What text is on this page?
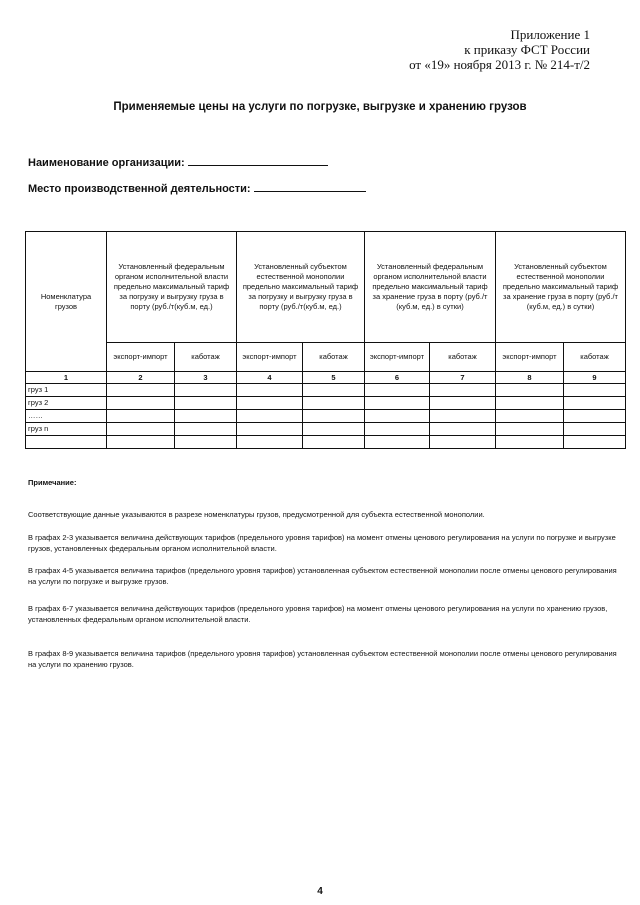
Приложение 1
к приказу ФСТ России
от «19» ноября 2013 г. № 214-т/2
Применяемые цены на услуги по погрузке, выгрузке и хранению грузов
Наименование организации:
Место производственной деятельности:
Номенклатура грузов	Установленный федеральным органом исполнительной власти предельно максимальный тариф за погрузку и выгрузку груза в порту (руб./т(куб.м, ед.)		Установленный субъектом естественной монополии предельно максимальный тариф за погрузку и выгрузку груза в порту (руб./т(куб.м, ед.)		Установленный федеральным органом исполнительной власти предельно максимальный тариф за хранение груза в порту (руб./т (куб.м, ед.) в сутки)		Установленный субъектом естественной монополии предельно максимальный тариф за хранение груза в порту (руб./т (куб.м, ед.) в сутки)	
	экспорт-импорт	каботаж	экспорт-импорт	каботаж	экспорт-импорт	каботаж	экспорт-импорт	каботаж
1	2	3	4	5	6	7	8	9
груз 1								
груз 2								
……								
груз n								

Примечание:
Соответствующие данные указываются в разрезе номенклатуры грузов, предусмотренной для субъекта естественной монополии.
В графах 2-3 указывается величина действующих тарифов (предельного уровня тарифов) на момент отмены ценового регулирования на услуги по погрузке и выгрузке грузов, установленных федеральным органом исполнительной власти.
В графах 4-5 указывается величина тарифов (предельного уровня тарифов) установленная субъектом естественной монополии после отмены ценового регулирования на услуги по погрузке и выгрузке грузов.
В графах 6-7 указывается величина действующих тарифов (предельного уровня тарифов) на момент отмены ценового регулирования на услуги по хранению грузов, установленных федеральным органом исполнительной власти.
В графах 8-9 указывается величина тарифов (предельного уровня тарифов) установленная субъектом естественной монополии после отмены ценового регулирования на услуги по хранению грузов.
4
